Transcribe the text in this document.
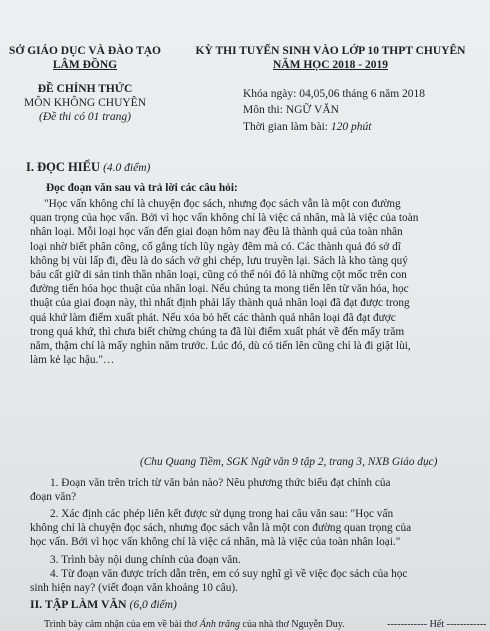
SỞ GIÁO DỤC VÀ ĐÀO TẠO
LÂM ĐỒNG
ĐỀ CHÍNH THỨC
MÔN KHÔNG CHUYÊN
(Đề thi có 01 trang)
KỲ THI TUYỂN SINH VÀO LỚP 10 THPT CHUYÊN
NĂM HỌC 2018 - 2019
Khóa ngày: 04,05,06 tháng 6 năm 2018
Môn thi: NGỮ VĂN
Thời gian làm bài: 120 phút
I. ĐỌC HIỂU (4.0 điểm)
Đọc đoạn văn sau và trả lời các câu hỏi:
"Học vấn không chỉ là chuyện đọc sách, nhưng đọc sách vẫn là một con đường
quan trọng của học vấn. Bởi vì học vấn không chỉ là việc cá nhân, mà là việc của toàn
nhân loại. Mỗi loại học vấn đến giai đoạn hôm nay đều là thành quả của toàn nhân
loại nhờ biết phân công, cố gắng tích lũy ngày đêm mà có. Các thành quả đó sở dĩ
không bị vùi lấp đi, đều là do sách vở ghi chép, lưu truyền lại. Sách là kho tàng quý
báu cất giữ di sản tinh thần nhân loại, cũng có thể nói đó là những cột mốc trên con
đường tiến hóa học thuật của nhân loại. Nếu chúng ta mong tiến lên từ văn hóa, học
thuật của giai đoạn này, thì nhất định phải lấy thành quả nhân loại đã đạt được trong
quá khứ làm điểm xuất phát. Nếu xóa bỏ hết các thành quả nhân loại đã đạt được
trong quá khứ, thì chưa biết chừng chúng ta đã lùi điểm xuất phát về đến mấy trăm
năm, thậm chí là mấy nghìn năm trước. Lúc đó, dù có tiến lên cũng chỉ là đi giật lùi,
làm kẻ lạc hậu."…
(Chu Quang Tiềm, SGK Ngữ văn 9 tập 2, trang 3, NXB Giáo dục)
1. Đoạn văn trên trích từ văn bản nào? Nêu phương thức biểu đạt chính của
đoạn văn?
2. Xác định các phép liên kết được sử dụng trong hai câu văn sau: "Học vấn
không chỉ là chuyện đọc sách, nhưng đọc sách vẫn là một con đường quan trọng của
học vấn. Bởi vì học vấn không chỉ là việc cá nhân, mà là việc của toàn nhân loại."
3. Trình bày nội dung chính của đoạn văn.
4. Từ đoạn văn được trích dẫn trên, em có suy nghĩ gì về việc đọc sách của học
sinh hiện nay? (viết đoạn văn khoảng 10 câu).
II. TẬP LÀM VĂN (6,0 điểm)
Trình bày cảm nhận của em về bài thơ Ánh trăng của nhà thơ Nguyễn Duy.	------------ Hết ------------
